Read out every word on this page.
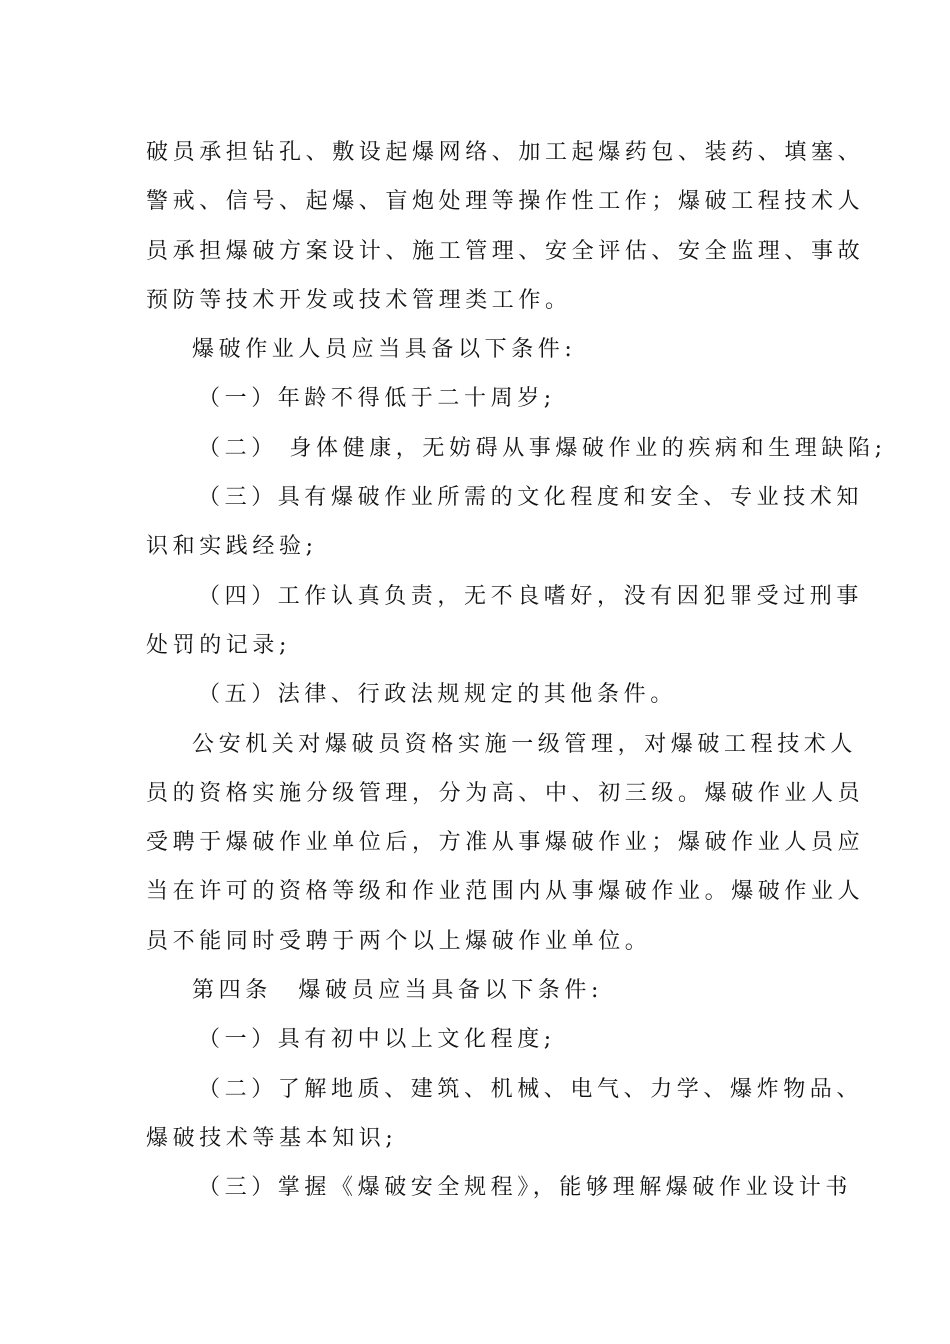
破员承担钻孔、敷设起爆网络、加工起爆药包、装药、填塞、
警戒、信号、起爆、盲炮处理等操作性工作；爆破工程技术人
员承担爆破方案设计、施工管理、安全评估、安全监理、事故
预防等技术开发或技术管理类工作。
爆破作业人员应当具备以下条件:
（一）年龄不得低于二十周岁;
（二） 身体健康，无妨碍从事爆破作业的疾病和生理缺陷;
（三）具有爆破作业所需的文化程度和安全、专业技术知
识和实践经验;
（四）工作认真负责，无不良嗜好，没有因犯罪受过刑事
处罚的记录;
（五）法律、行政法规规定的其他条件。
公安机关对爆破员资格实施一级管理，对爆破工程技术人
员的资格实施分级管理，分为高、中、初三级。爆破作业人员
受聘于爆破作业单位后，方准从事爆破作业；爆破作业人员应
当在许可的资格等级和作业范围内从事爆破作业。爆破作业人
员不能同时受聘于两个以上爆破作业单位。
第四条　爆破员应当具备以下条件:
（一）具有初中以上文化程度;
（二）了解地质、建筑、机械、电气、力学、爆炸物品、
爆破技术等基本知识;
（三）掌握《爆破安全规程》，能够理解爆破作业设计书
